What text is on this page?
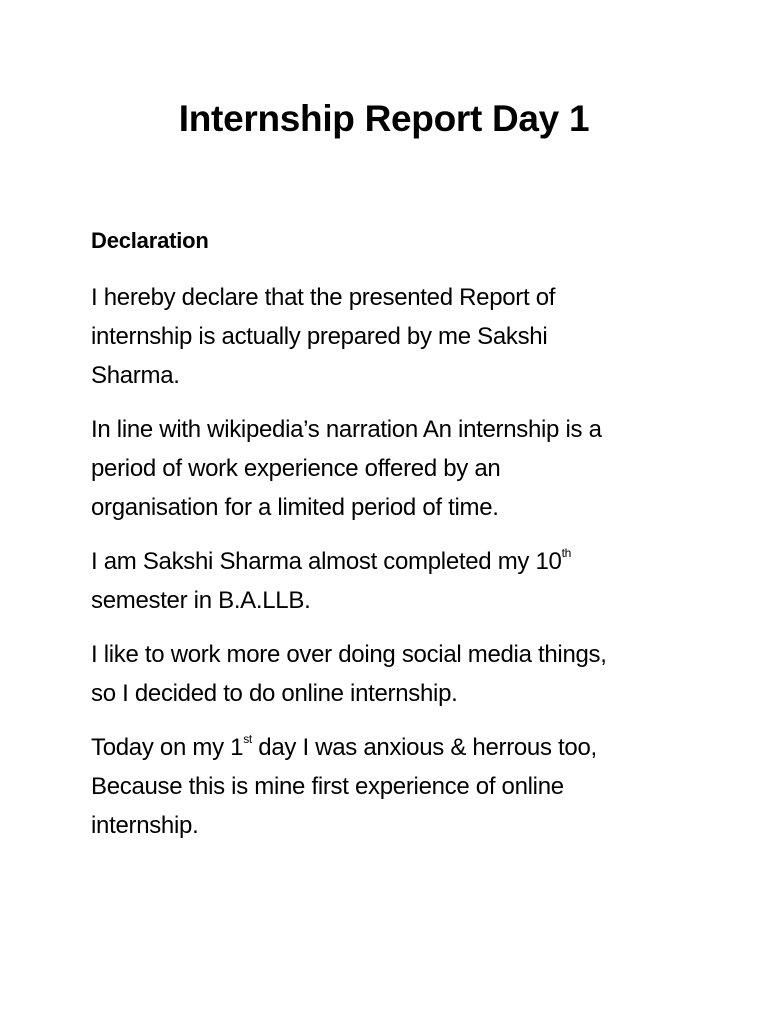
Internship Report Day 1
Declaration
I hereby declare that the presented Report of
internship is actually prepared by me Sakshi
Sharma.
In line with wikipedia’s narration An internship is a
period of work experience offered by an
organisation for a limited period of time.
I am Sakshi Sharma almost completed my 10th
semester in B.A.LLB.
I like to work more over doing social media things,
so I decided to do online internship.
Today on my 1st day I was anxious & herrous too,
Because this is mine first experience of online
internship.
